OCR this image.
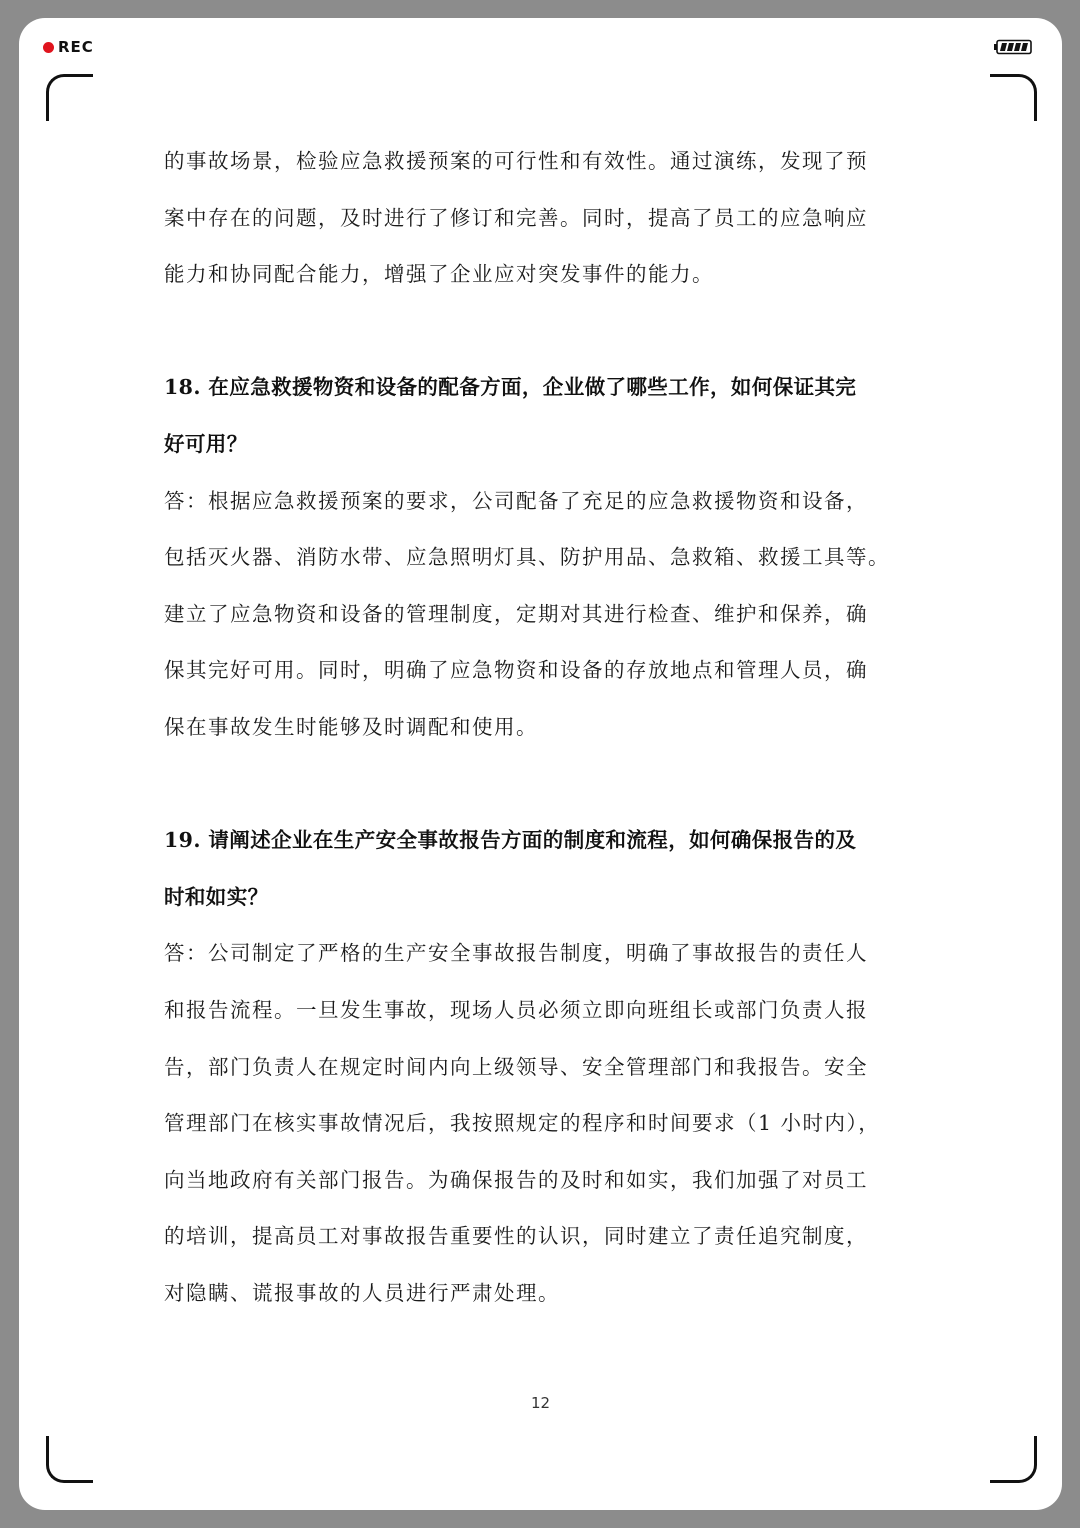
REC
的事故场景，检验应急救援预案的可行性和有效性。通过演练，发现了预
案中存在的问题，及时进行了修订和完善。同时，提高了员工的应急响应
能力和协同配合能力，增强了企业应对突发事件的能力。
18. 在应急救援物资和设备的配备方面，企业做了哪些工作，如何保证其完
好可用？
答：根据应急救援预案的要求，公司配备了充足的应急救援物资和设备，
包括灭火器、消防水带、应急照明灯具、防护用品、急救箱、救援工具等。
建立了应急物资和设备的管理制度，定期对其进行检查、维护和保养，确
保其完好可用。同时，明确了应急物资和设备的存放地点和管理人员，确
保在事故发生时能够及时调配和使用。
19. 请阐述企业在生产安全事故报告方面的制度和流程，如何确保报告的及
时和如实？
答：公司制定了严格的生产安全事故报告制度，明确了事故报告的责任人
和报告流程。一旦发生事故，现场人员必须立即向班组长或部门负责人报
告，部门负责人在规定时间内向上级领导、安全管理部门和我报告。安全
管理部门在核实事故情况后，我按照规定的程序和时间要求（1 小时内），
向当地政府有关部门报告。为确保报告的及时和如实，我们加强了对员工
的培训，提高员工对事故报告重要性的认识，同时建立了责任追究制度，
对隐瞒、谎报事故的人员进行严肃处理。
12
